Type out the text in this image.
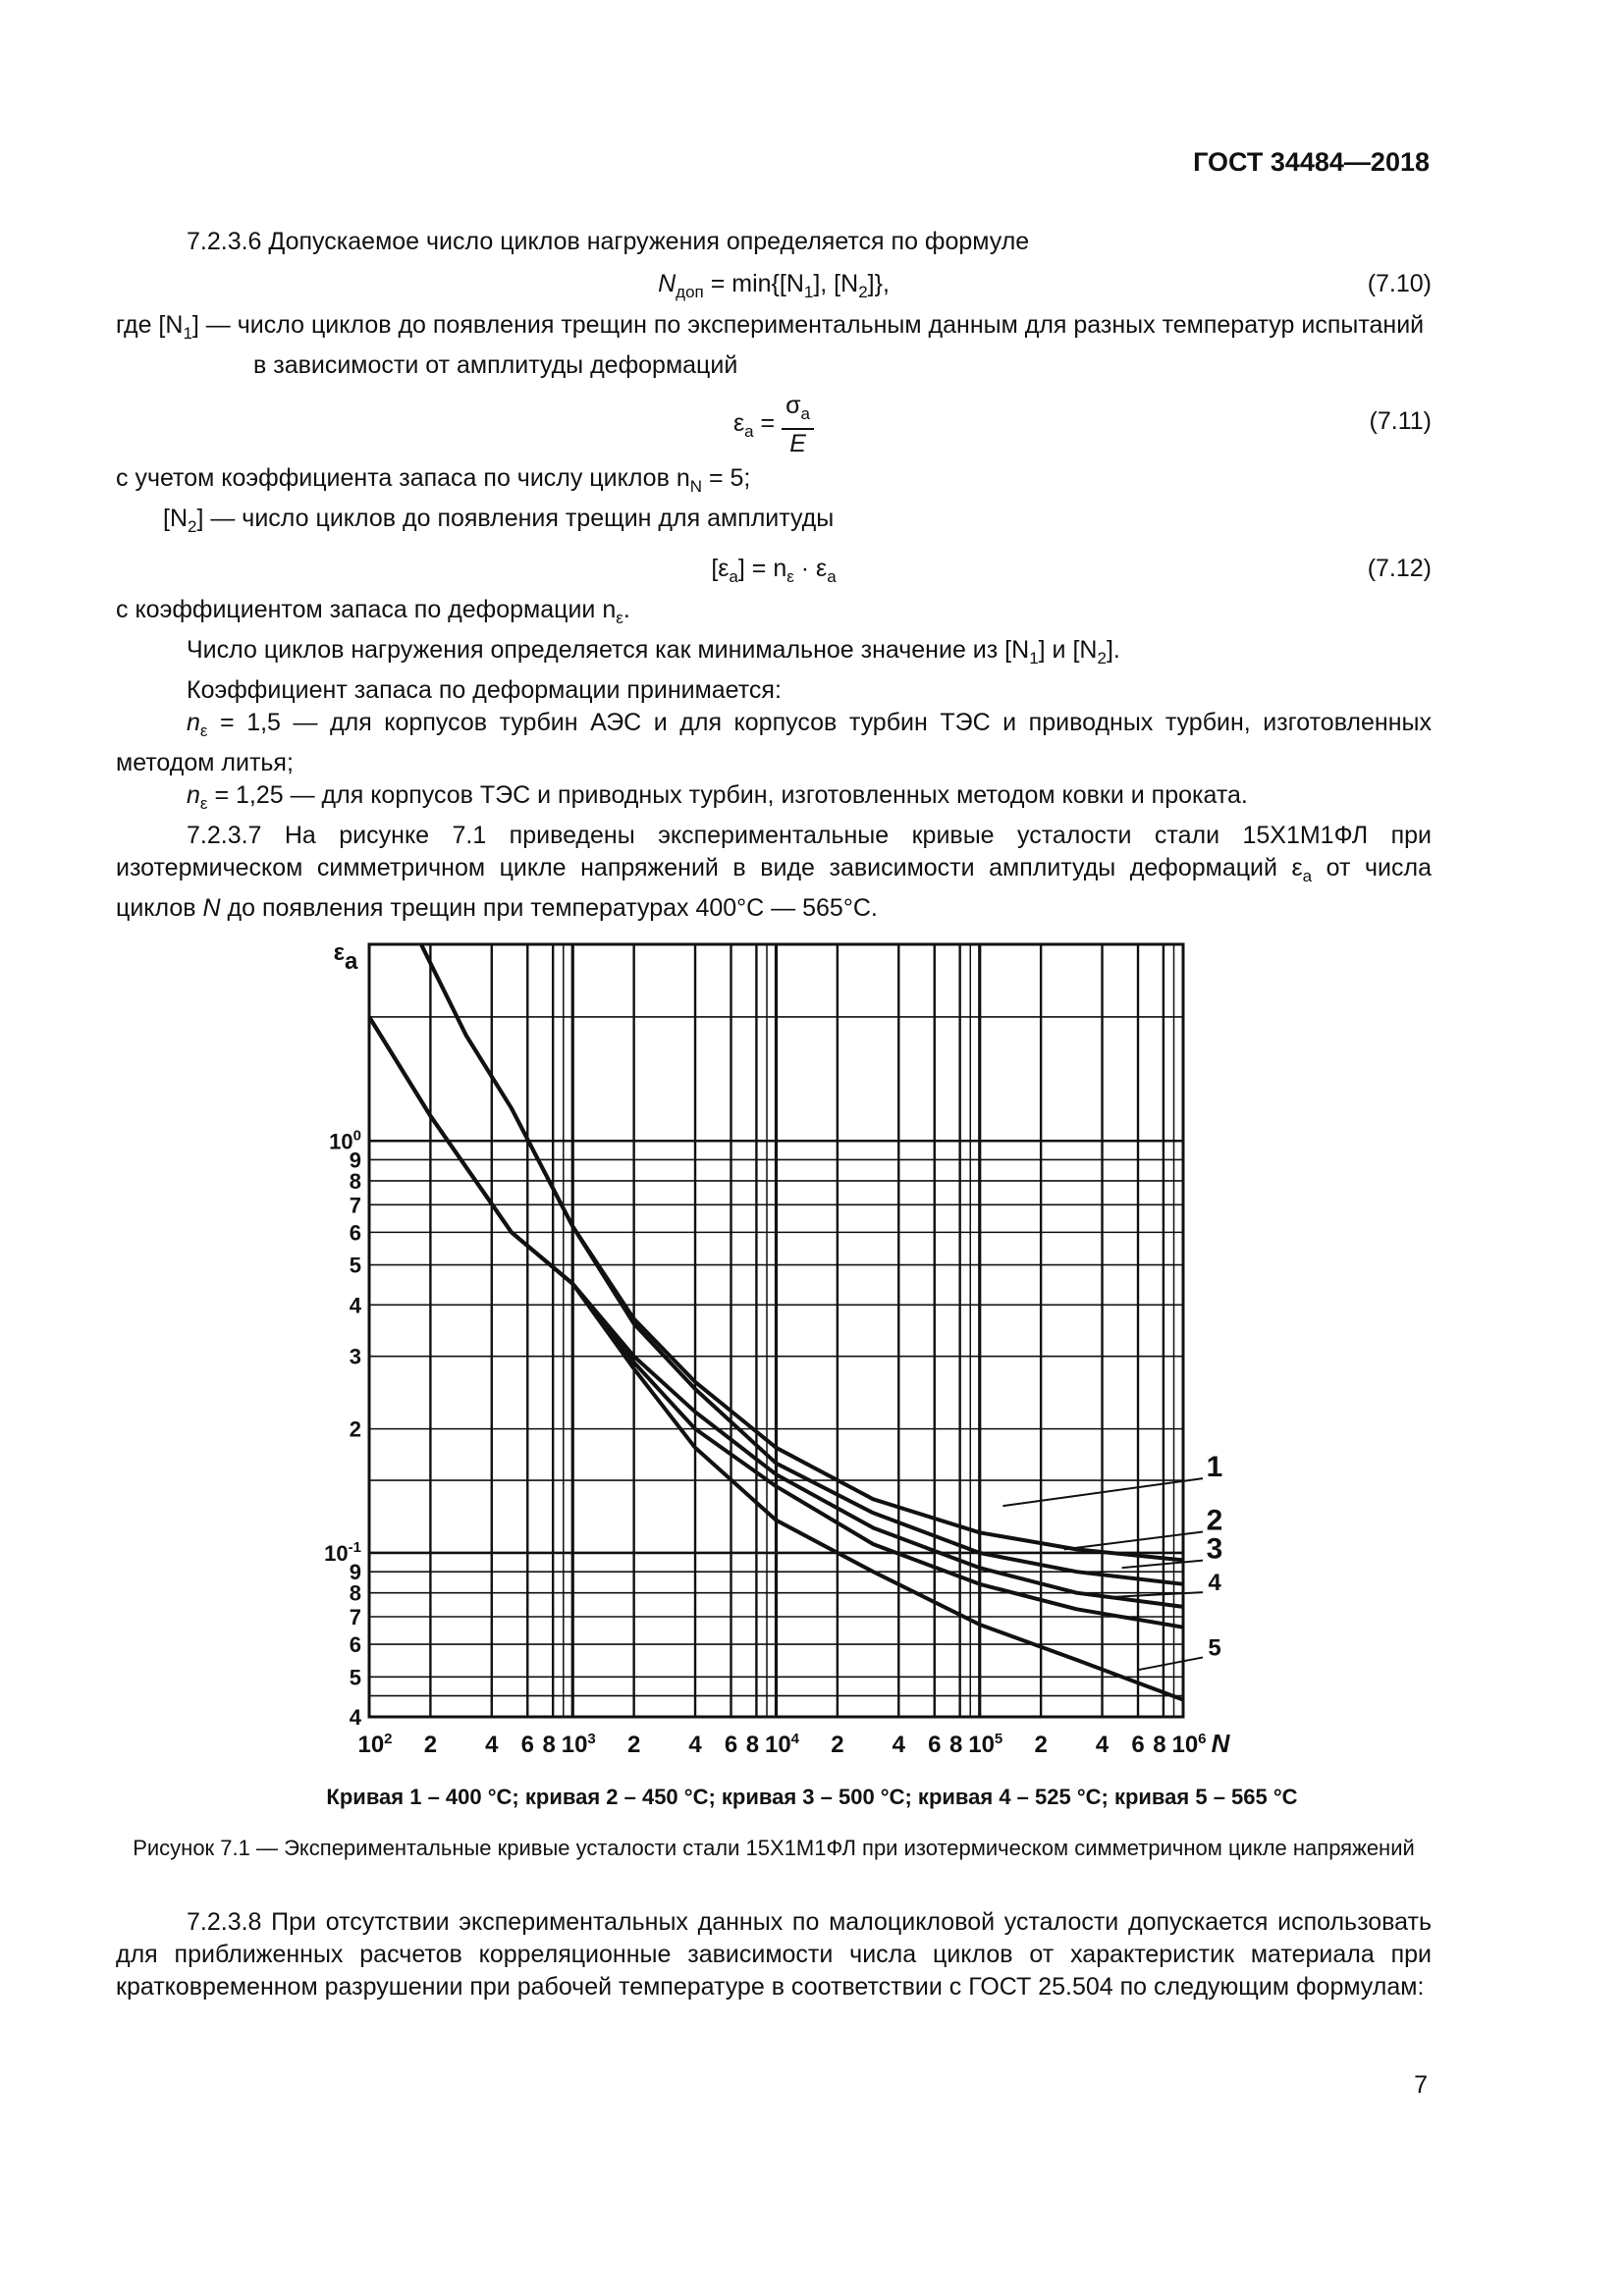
ГОСТ 34484—2018

7.2.3.6 Допускаемое число циклов нагружения определяется по формуле

$N_{доп} = \min\{[N_1]$, $[N_2]$},	(7.10)

где $[N_1]$ — число циклов до появления трещин по экспериментальным данным для разных температур испытаний в зависимости от амплитуды деформаций

$\varepsilon_a = \frac{\sigma_a}{E}$	(7.11)

с учетом коэффициента запаса по числу циклов $n_N = 5$;

$[N_2]$ — число циклов до появления трещин для амплитуды

$[\varepsilon_a] = n_\varepsilon \cdot \varepsilon_a$	(7.12)

с коэффициентом запаса по деформации $n_\varepsilon$.

Число циклов нагружения определяется как минимальное значение из $[N_1]$ и $[N_2]$.

Коэффициент запаса по деформации принимается:

$n_\varepsilon = 1,5$ — для корпусов турбин АЭС и для корпусов турбин ТЭС и приводных турбин, изготовленных методом литья;

$n_\varepsilon = 1,25$ — для корпусов ТЭС и приводных турбин, изготовленных методом ковки и проката.

7.2.3.7 На рисунке 7.1 приведены экспериментальные кривые усталости стали 15Х1М1ФЛ при изотермическом симметричном цикле напряжений в виде зависимости амплитуды деформаций $\varepsilon_a$ от числа циклов N до появления трещин при температурах 400°С — 565°С.

1
2
3
4
5
$10^0$
9
8
7
6
5
4
3
2
$10^{-1}$
9
8
7
6
5
4
εa
$10^2$	$10^3$	$10^4$	$10^5$	$10^6$
2 4 6 8	2 4 6 8	2 4 6 8	2 4 6 8 N
Кривая 1 – 400 °С; кривая 2 – 450 °С; кривая 3 – 500 °С; кривая 4 – 525 °С; кривая 5 – 565 °С
Рисунок 7.1 — Экспериментальные кривые усталости стали 15Х1М1ФЛ при изотермическом симметричном цикле напряжений

7.2.3.8 При отсутствии экспериментальных данных по малоцикловой усталости допускается использовать для приближенных расчетов корреляционные зависимости числа циклов от характеристик материала при кратковременном разрушении при рабочей температуре в соответствии с ГОСТ 25.504 по следующим формулам:

7
